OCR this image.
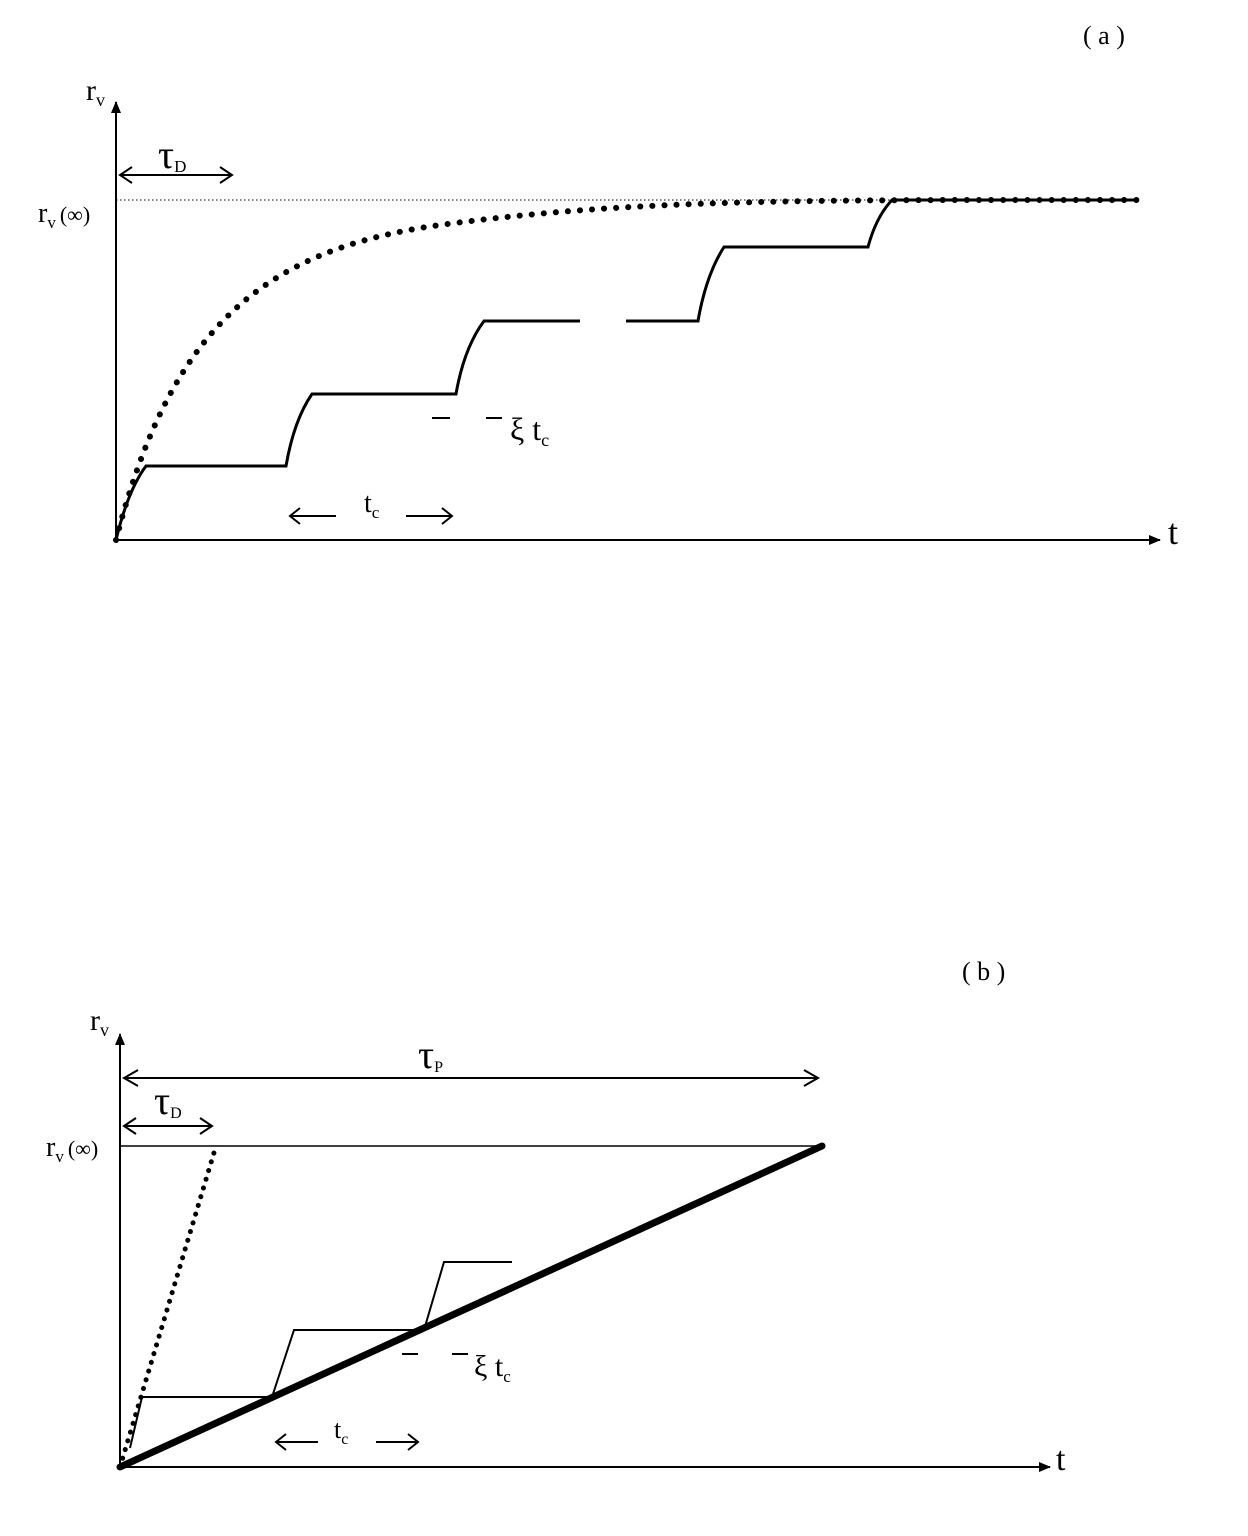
( a )
$r_v$
t
$r_v$ (∞)
τD
ξ tc
$t_c$
( b )
$r_v$
t
$r_v$ (∞)
τP
τD
ξ $t_c$
$t_c$
